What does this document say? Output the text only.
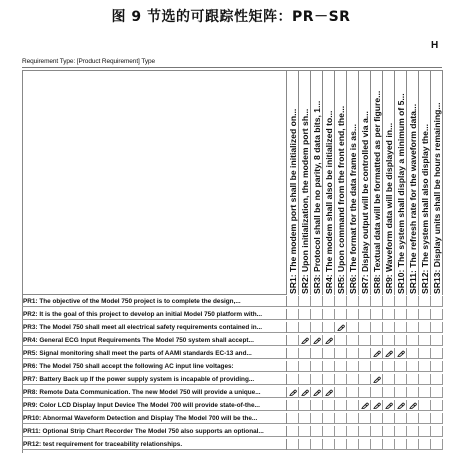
图 9 节选的可跟踪性矩阵：PR－SR
H
Requirement Type: [Product Requirement] Type
SR1: The modem port shall be initialized on... SR2: Upon initialization, the modem port sh... SR3: Protocol shall be no parity, 8 data bits, 1... SR4: The modem shall also be initialized to... SR5: Upon command from the front end, the... SR6: The format for the data frame is as... SR7: Display output will be controlled via a... SR8: Textual data will be formatted as per figure... SR9: Waveform data will be displayed in... SR10: The system shall display a minimum of 5... SR11: The refresh rate for the waveform data... SR12: The system shall also display the... SR13: Display units shall be hours remaining...
PR1: The objective of the Model 750 project is to complete the design,...
PR2: It is the goal of this project to develop an initial Model 750 platform with...
PR3: The Model 750 shall meet all electrical safety requirements contained in...
PR4: General ECG Input Requirements The Model 750 system shall accept...
PR5: Signal monitoring shall meet the parts of AAMI standards EC-13 and...
PR6: The Model 750 shall accept the following AC input line voltages:
PR7: Battery Back up If the power supply system is incapable of providing...
PR8: Remote Data Communication. The new Model 750 will provide a unique...
PR9: Color LCD Display Input Device The Model 700 will provide state-of-the...
PR10: Abnormal Waveform Detection and Display The Model 700 will be the...
PR11: Optional Strip Chart Recorder The Model 750 also supports an optional...
PR12: test requirement for traceability relationships.
